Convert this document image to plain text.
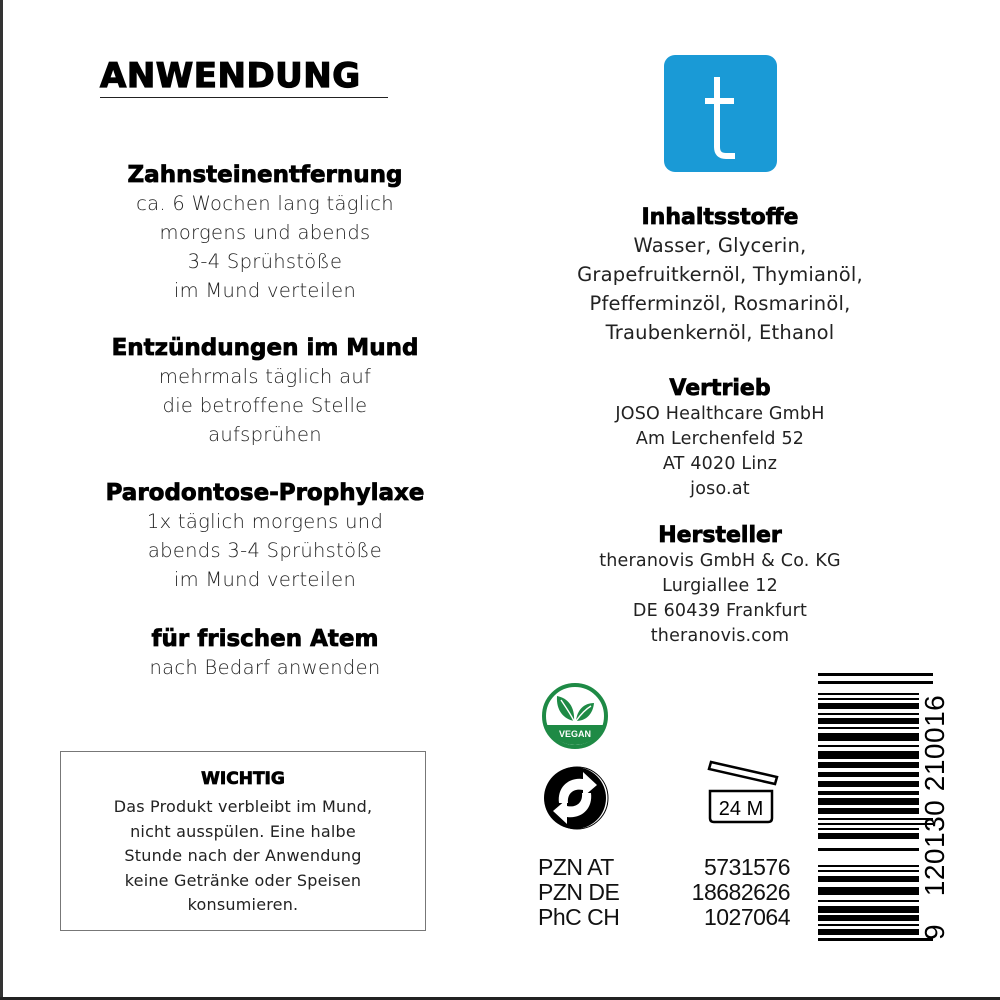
ANWENDUNG
Zahnsteinentfernung
ca. 6 Wochen lang täglich
morgens und abends
3-4 Sprühstöße
im Mund verteilen
Entzündungen im Mund
mehrmals täglich auf
die betroffene Stelle
aufsprühen
Parodontose-Prophylaxe
1x täglich morgens und
abends 3-4 Sprühstöße
im Mund verteilen
für frischen Atem
nach Bedarf anwenden
WICHTIG
Das Produkt verbleibt im Mund,
nicht ausspülen. Eine halbe
Stunde nach der Anwendung
keine Getränke oder Speisen
konsumieren.
Inhaltsstoffe
Wasser, Glycerin,
Grapefruitkernöl, Thymianöl,
Pfefferminzöl, Rosmarinöl,
Traubenkernöl, Ethanol
Vertrieb
JOSO Healthcare GmbH
Am Lerchenfeld 52
AT 4020 Linz
joso.at
Hersteller
theranovis GmbH & Co. KG
Lurgiallee 12
DE 60439 Frankfurt
theranovis.com
VEGAN
24 M
PZN AT	5731576
PZN DE	18682626
PhC CH	1027064
9
120130
210016
